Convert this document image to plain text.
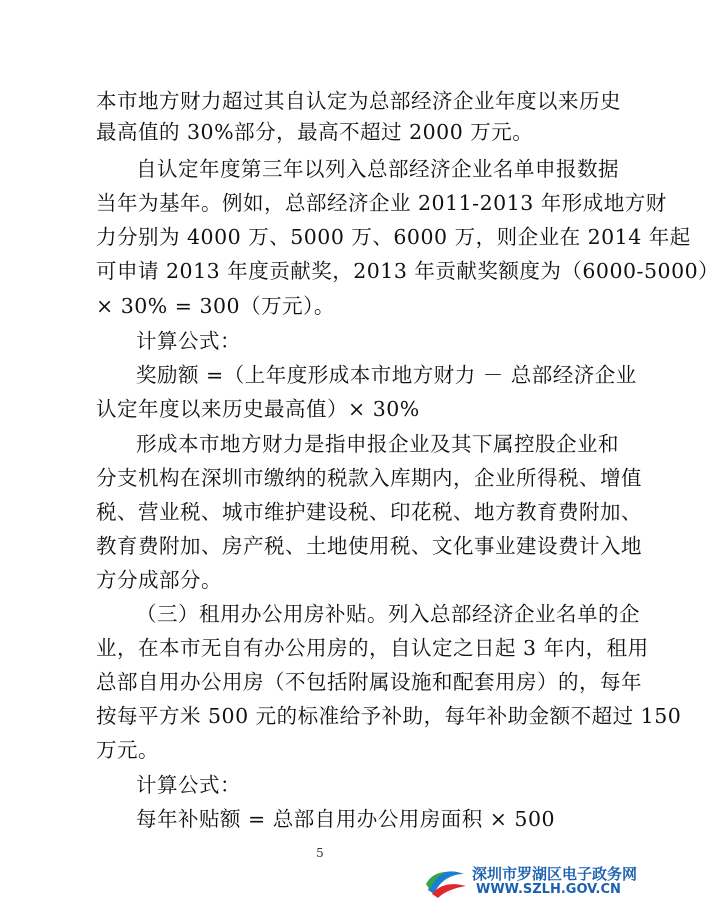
本市地方财力超过其自认定为总部经济企业年度以来历史
最高值的 30%部分，最高不超过 2000 万元。
自认定年度第三年以列入总部经济企业名单申报数据
当年为基年。例如，总部经济企业 2011-2013 年形成地方财
力分别为 4000 万、5000 万、6000 万，则企业在 2014 年起
可申请 2013 年度贡献奖，2013 年贡献奖额度为（6000-5000）
× 30% = 300（万元）。
计算公式：
奖励额 =（上年度形成本市地方财力 － 总部经济企业
认定年度以来历史最高值）× 30%
形成本市地方财力是指申报企业及其下属控股企业和
分支机构在深圳市缴纳的税款入库期内，企业所得税、增值
税、营业税、城市维护建设税、印花税、地方教育费附加、
教育费附加、房产税、土地使用税、文化事业建设费计入地
方分成部分。
（三）租用办公用房补贴。列入总部经济企业名单的企
业，在本市无自有办公用房的，自认定之日起 3 年内，租用
总部自用办公用房（不包括附属设施和配套用房）的，每年
按每平方米 500 元的标准给予补助，每年补助金额不超过 150
万元。
计算公式：
每年补贴额 = 总部自用办公用房面积 × 500
5
深圳市罗湖区电子政务网
WWW.SZLH.GOV.CN
